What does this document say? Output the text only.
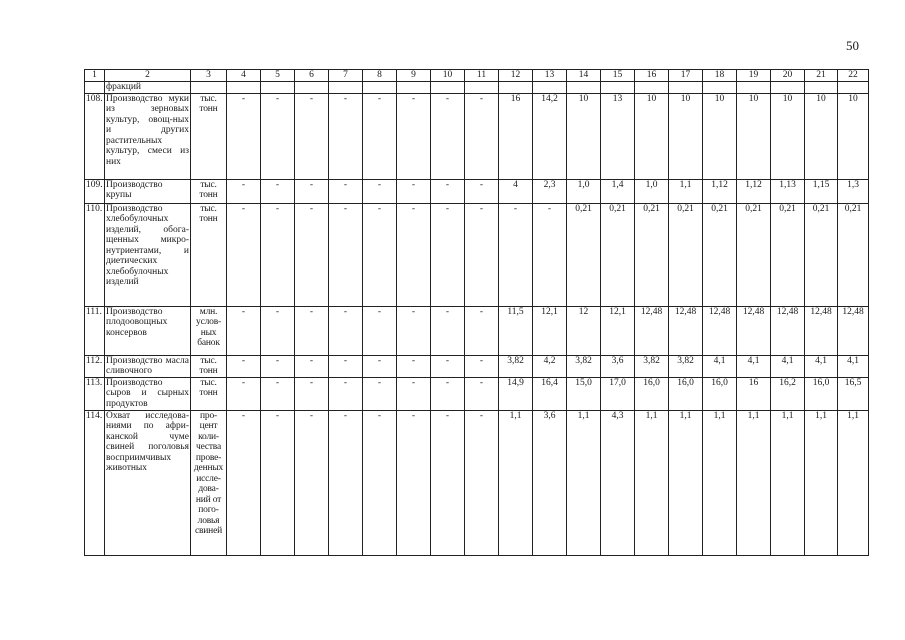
50
1	2	3	4	5	6	7	8	9	10	11	12	13	14	15	16	17	18	19	20	21	22
	фракций																				
108.	Производство муки из зерновых культур, овощ-ных и других растительных культур, смеси из них	тыс. тонн	-	-	-	-	-	-	-	-	16	14,2	10	13	10	10	10	10	10	10	10
109.	Производство крупы	тыс. тонн	-	-	-	-	-	-	-	-	4	2,3	1,0	1,4	1,0	1,1	1,12	1,12	1,13	1,15	1,3
110.	Производство хлебобулочных изделий, обога-щенных микро-нутриентами, и диетических хлебобулочных изделий	тыс. тонн	-	-	-	-	-	-	-	-	-	-	0,21	0,21	0,21	0,21	0,21	0,21	0,21	0,21	0,21
111.	Производство плодоовощных консервов	млн. услов-ных банок	-	-	-	-	-	-	-	-	11,5	12,1	12	12,1	12,48	12,48	12,48	12,48	12,48	12,48	12,48
112.	Производство масла сливочного	тыс. тонн	-	-	-	-	-	-	-	-	3,82	4,2	3,82	3,6	3,82	3,82	4,1	4,1	4,1	4,1	4,1
113.	Производство сыров и сырных продуктов	тыс. тонн	-	-	-	-	-	-	-	-	14,9	16,4	15,0	17,0	16,0	16,0	16,0	16	16,2	16,0	16,5
114.	Охват исследова-ниями по афри-канской чуме свиней поголовья восприимчивых животных	про-цент коли-чества прове-денных иссле-дова-ний от пого-ловья свиней	-	-	-	-	-	-	-	-	1,1	3,6	1,1	4,3	1,1	1,1	1,1	1,1	1,1	1,1	1,1
